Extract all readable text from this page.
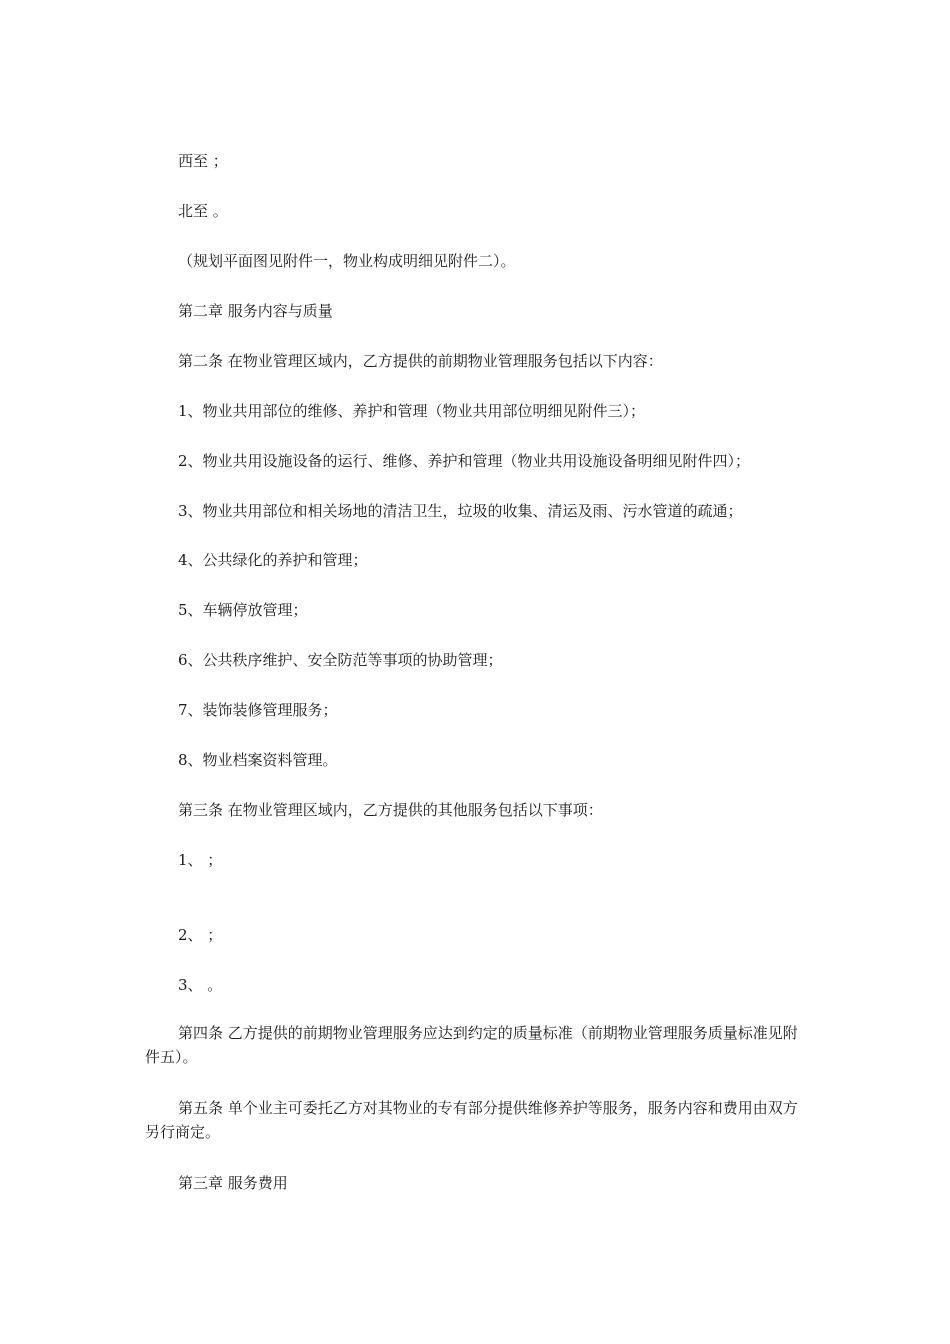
西至 ；
北至 。
（规划平面图见附件一，物业构成明细见附件二）。
第二章 服务内容与质量
第二条 在物业管理区域内，乙方提供的前期物业管理服务包括以下内容：
1、物业共用部位的维修、养护和管理（物业共用部位明细见附件三）；
2、物业共用设施设备的运行、维修、养护和管理（物业共用设施设备明细见附件四）；
3、物业共用部位和相关场地的清洁卫生，垃圾的收集、清运及雨、污水管道的疏通；
4、公共绿化的养护和管理；
5、车辆停放管理；
6、公共秩序维护、安全防范等事项的协助管理；
7、装饰装修管理服务；
8、物业档案资料管理。
第三条 在物业管理区域内，乙方提供的其他服务包括以下事项：
1、 ；
2、 ；
3、 。
第四条 乙方提供的前期物业管理服务应达到约定的质量标准（前期物业管理服务质量标准见附件五）。
第五条 单个业主可委托乙方对其物业的专有部分提供维修养护等服务，服务内容和费用由双方另行商定。
第三章 服务费用
